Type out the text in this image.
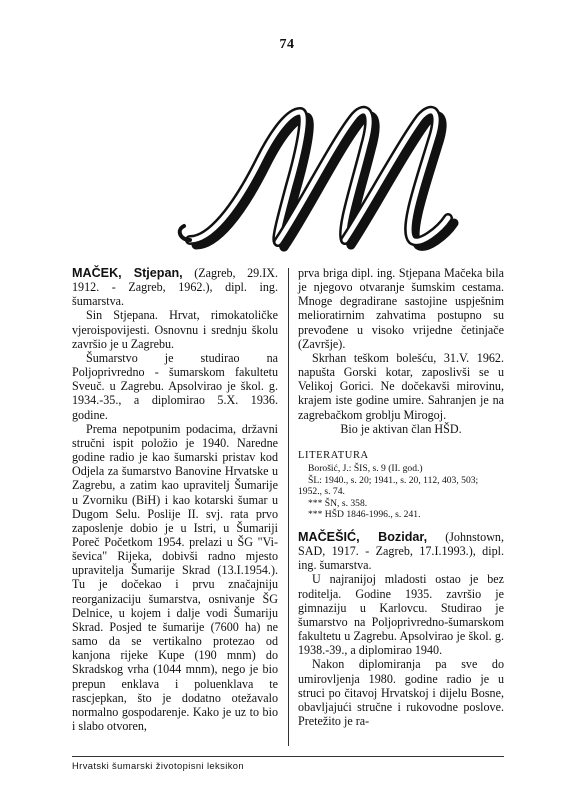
74

MAČEK, Stjepan, (Zagreb, 29.IX. 1912. - Zagreb, 1962.), dipl. ing. šumarstva.

Sin Stjepana. Hrvat, rimokatoličke vjeroispovijesti. Osnovnu i srednju školu završio je u Zagrebu.

Šumarstvo je studirao na Poljoprivredno - šumarskom fakultetu Sveuč. u Zagrebu. Apsolvirao je škol. g. 1934.-35., a diplomirao 5.X. 1936. godine.

Prema nepotpunim podacima, državni stručni ispit položio je 1940. Naredne godine radio je kao šumarski pristav kod Odjela za šumarstvo Banovine Hrvatske u Zagrebu, a zatim kao upravitelj Šumarije u Zvorniku (BiH) i kao kotarski šumar u Dugom Selu. Poslije II. svj. rata prvo zaposlenje dobio je u Istri, u Šumariji Poreč Početkom 1954. prelazi u ŠG "Vi-ševica" Rijeka, dobivši radno mjesto upravitelja Šumarije Skrad (13.I.1954.). Tu je dočekao i prvu značajniju reorganizaciju šumarstva, osnivanje ŠG Delnice, u kojem i dalje vodi Šumariju Skrad. Posjed te šumarije (7600 ha) ne samo da se vertikalno protezao od kanjona rijeke Kupe (190 mnm) do Skradskog vrha (1044 mnm), nego je bio prepun enklava i poluenklava te rascjepkan, što je dodatno otežavalo normalno gospodarenje. Kako je uz to bio i slabo otvoren,

prva briga dipl. ing. Stjepana Mačeka bila je njegovo otvaranje šumskim cestama. Mnoge degradirane sastojine uspješnim melioratirnim zahvatima postupno su prevođene u visoko vrijedne četinjače (Završje).

Skrhan teškom bolešću, 31.V. 1962. napušta Gorski kotar, zaposlivši se u Velikoj Gorici. Ne dočekavši mirovinu, krajem iste godine umire. Sahranjen je na zagrebačkom groblju Mirogoj.

Bio je aktivan član HŠD.

LITERATURA
Borošić, J.: ŠIS, s. 9 (II. god.)
ŠL: 1940., s. 20; 1941., s. 20, 112, 403, 503;
1952., s. 74.
*** ŠN, s. 358.
*** HŠD 1846-1996., s. 241.

MAČEŠIĆ, Bozidar, (Johnstown, SAD, 1917. - Zagreb, 17.I.1993.), dipl. ing. šumarstva.

U najranijoj mladosti ostao je bez roditelja. Godine 1935. završio je gimnaziju u Karlovcu. Studirao je šumarstvo na Poljoprivredno-šumarskom fakultetu u Zagrebu. Apsolvirao je škol. g. 1938.-39., a diplomirao 1940.

Nakon diplomiranja pa sve do umirovljenja 1980. godine radio je u struci po čitavoj Hrvatskoj i dijelu Bosne, obavljajući stručne i rukovodne poslove. Pretežito je ra-

Hrvatski šumarski životopisni leksikon
